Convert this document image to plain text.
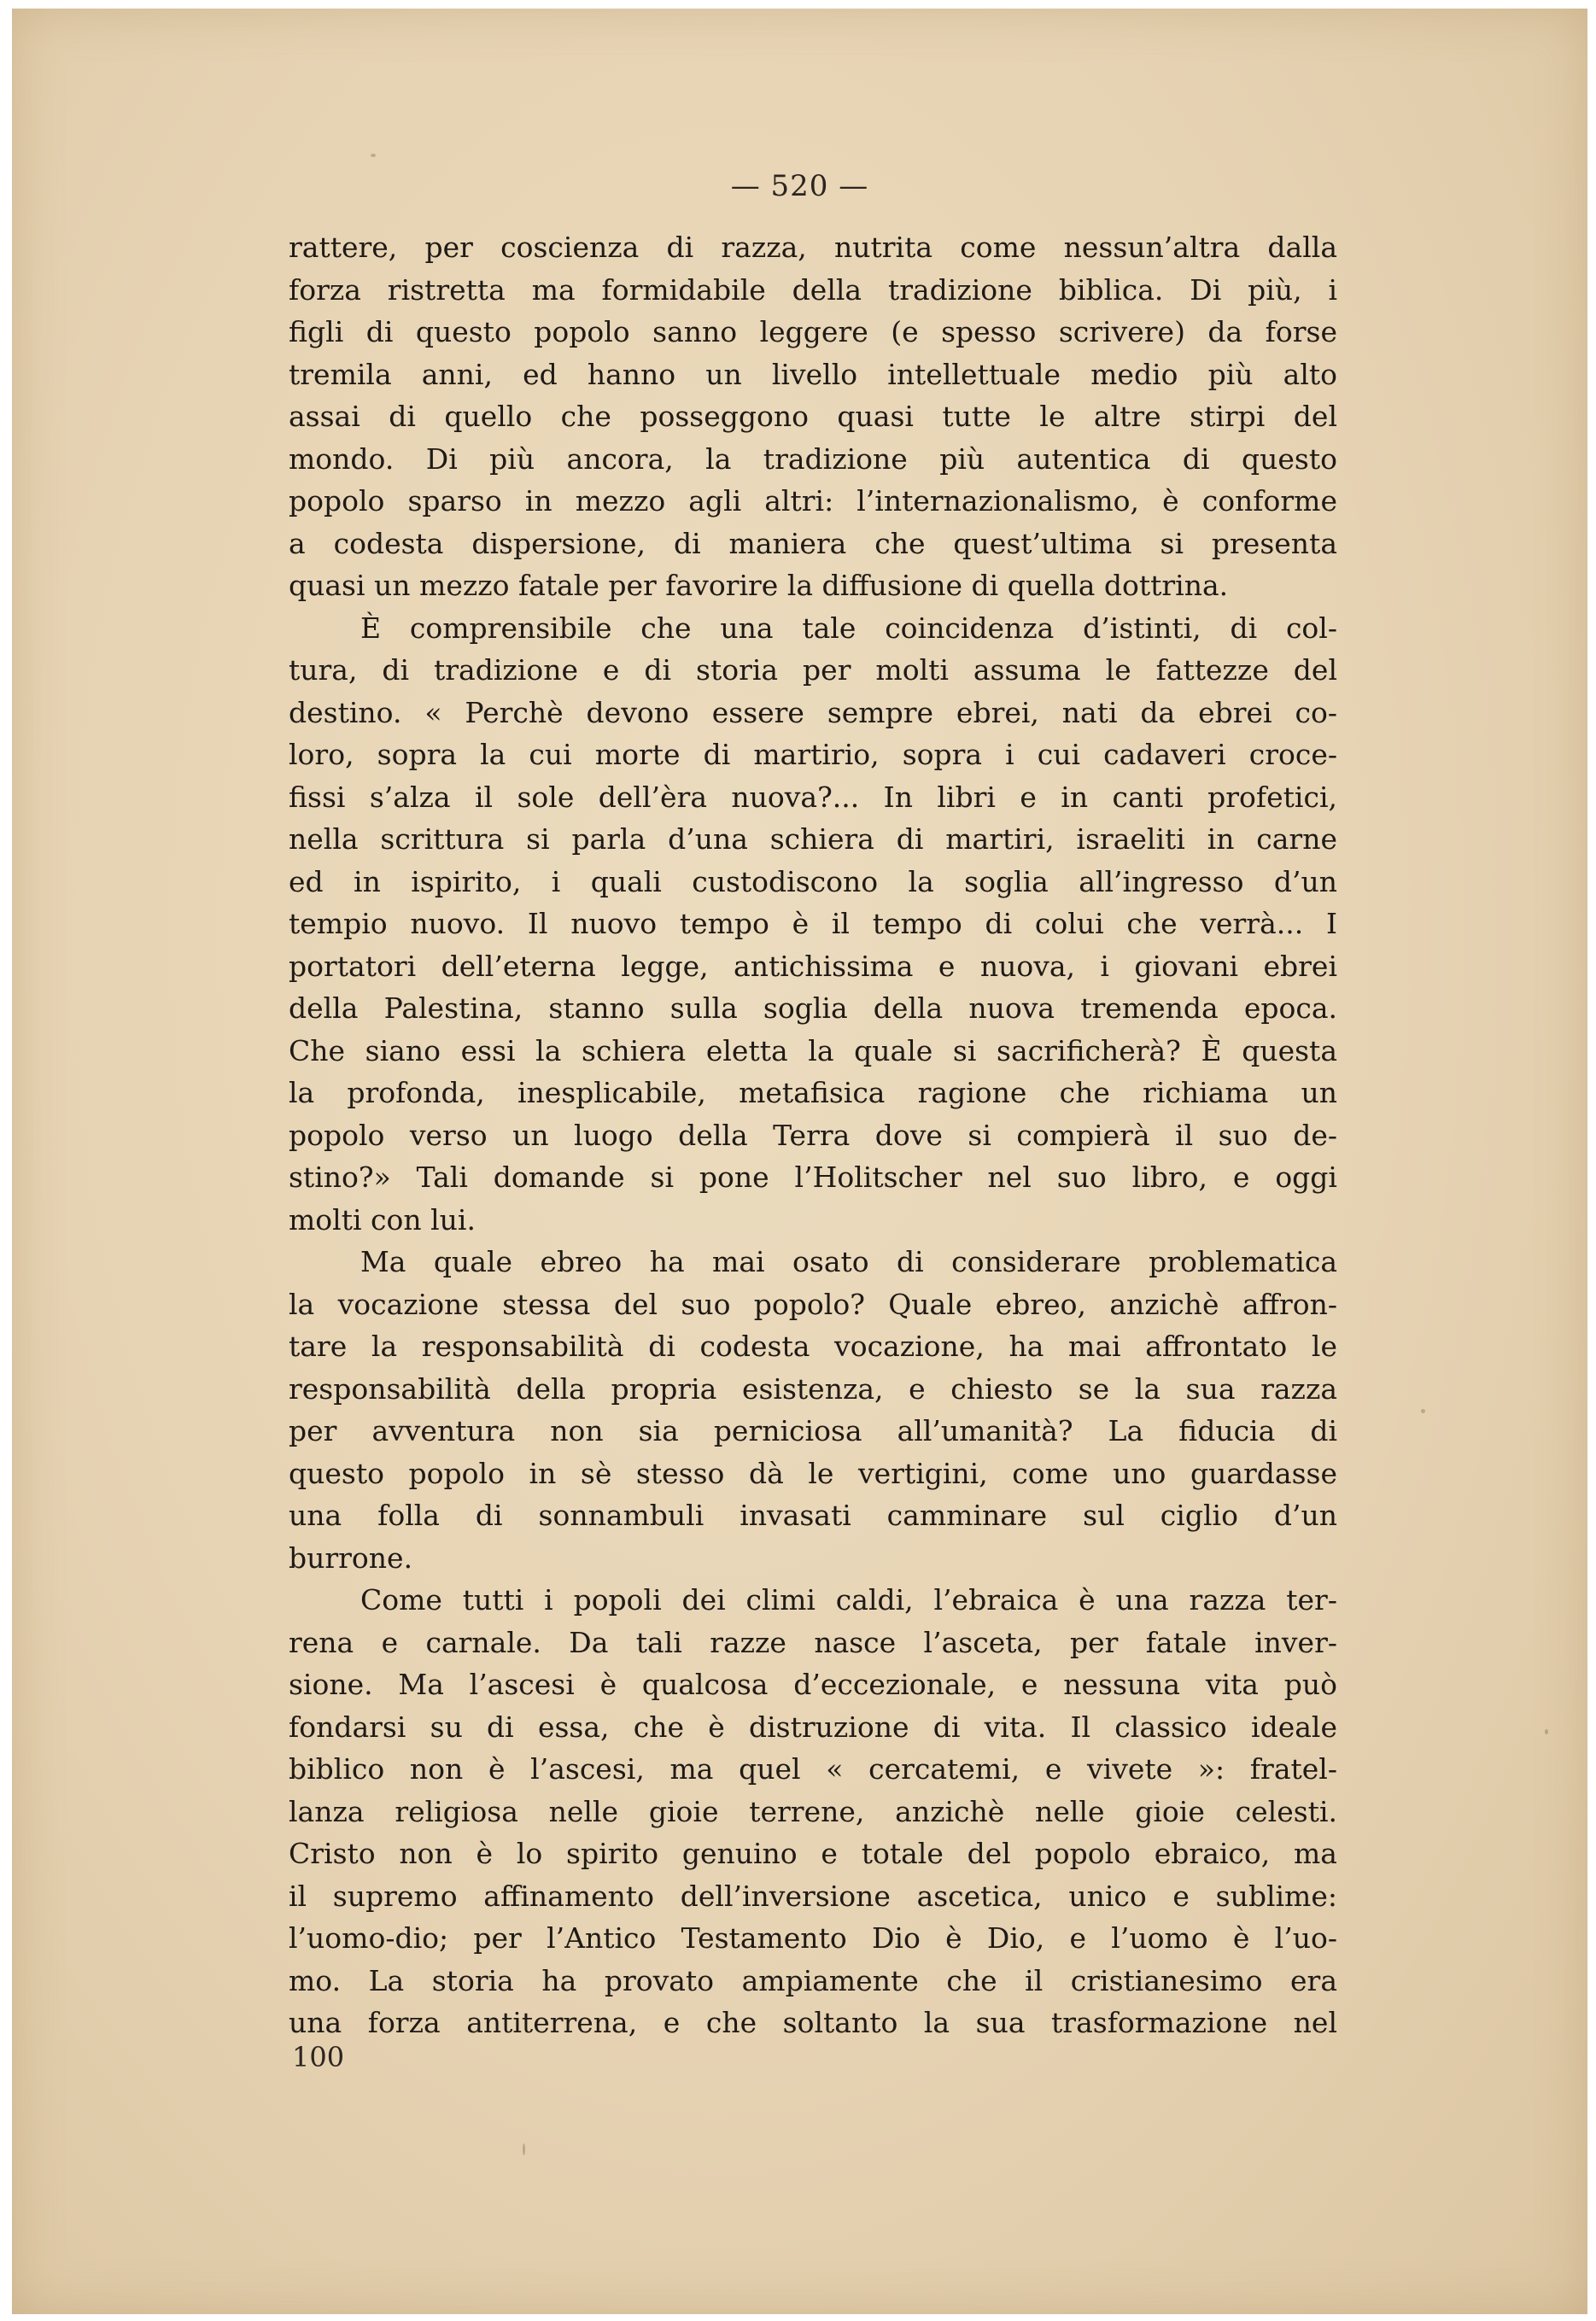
— 520 —
rattere, per coscienza di razza, nutrita come nessun’altra dalla
forza ristretta ma formidabile della tradizione biblica. Di più, i
figli di questo popolo sanno leggere (e spesso scrivere) da forse
tremila anni, ed hanno un livello intellettuale medio più alto
assai di quello che posseggono quasi tutte le altre stirpi del
mondo. Di più ancora, la tradizione più autentica di questo
popolo sparso in mezzo agli altri: l’internazionalismo, è conforme
a codesta dispersione, di maniera che quest’ultima si presenta
quasi un mezzo fatale per favorire la diffusione di quella dottrina.
È comprensibile che una tale coincidenza d’istinti, di col-
tura, di tradizione e di storia per molti assuma le fattezze del
destino. « Perchè devono essere sempre ebrei, nati da ebrei co-
loro, sopra la cui morte di martirio, sopra i cui cadaveri croce-
fissi s’alza il sole dell’èra nuova?... In libri e in canti profetici,
nella scrittura si parla d’una schiera di martiri, israeliti in carne
ed in ispirito, i quali custodiscono la soglia all’ingresso d’un
tempio nuovo. Il nuovo tempo è il tempo di colui che verrà... I
portatori dell’eterna legge, antichissima e nuova, i giovani ebrei
della Palestina, stanno sulla soglia della nuova tremenda epoca.
Che siano essi la schiera eletta la quale si sacrificherà? È questa
la profonda, inesplicabile, metafisica ragione che richiama un
popolo verso un luogo della Terra dove si compierà il suo de-
stino?» Tali domande si pone l’Holitscher nel suo libro, e oggi
molti con lui.
Ma quale ebreo ha mai osato di considerare problematica
la vocazione stessa del suo popolo? Quale ebreo, anzichè affron-
tare la responsabilità di codesta vocazione, ha mai affrontato le
responsabilità della propria esistenza, e chiesto se la sua razza
per avventura non sia perniciosa all’umanità? La fiducia di
questo popolo in sè stesso dà le vertigini, come uno guardasse
una folla di sonnambuli invasati camminare sul ciglio d’un
burrone.
Come tutti i popoli dei climi caldi, l’ebraica è una razza ter-
rena e carnale. Da tali razze nasce l’asceta, per fatale inver-
sione. Ma l’ascesi è qualcosa d’eccezionale, e nessuna vita può
fondarsi su di essa, che è distruzione di vita. Il classico ideale
biblico non è l’ascesi, ma quel « cercatemi, e vivete »: fratel-
lanza religiosa nelle gioie terrene, anzichè nelle gioie celesti.
Cristo non è lo spirito genuino e totale del popolo ebraico, ma
il supremo affinamento dell’inversione ascetica, unico e sublime:
l’uomo-dio; per l’Antico Testamento Dio è Dio, e l’uomo è l’uo-
mo. La storia ha provato ampiamente che il cristianesimo era
una forza antiterrena, e che soltanto la sua trasformazione nel
100
